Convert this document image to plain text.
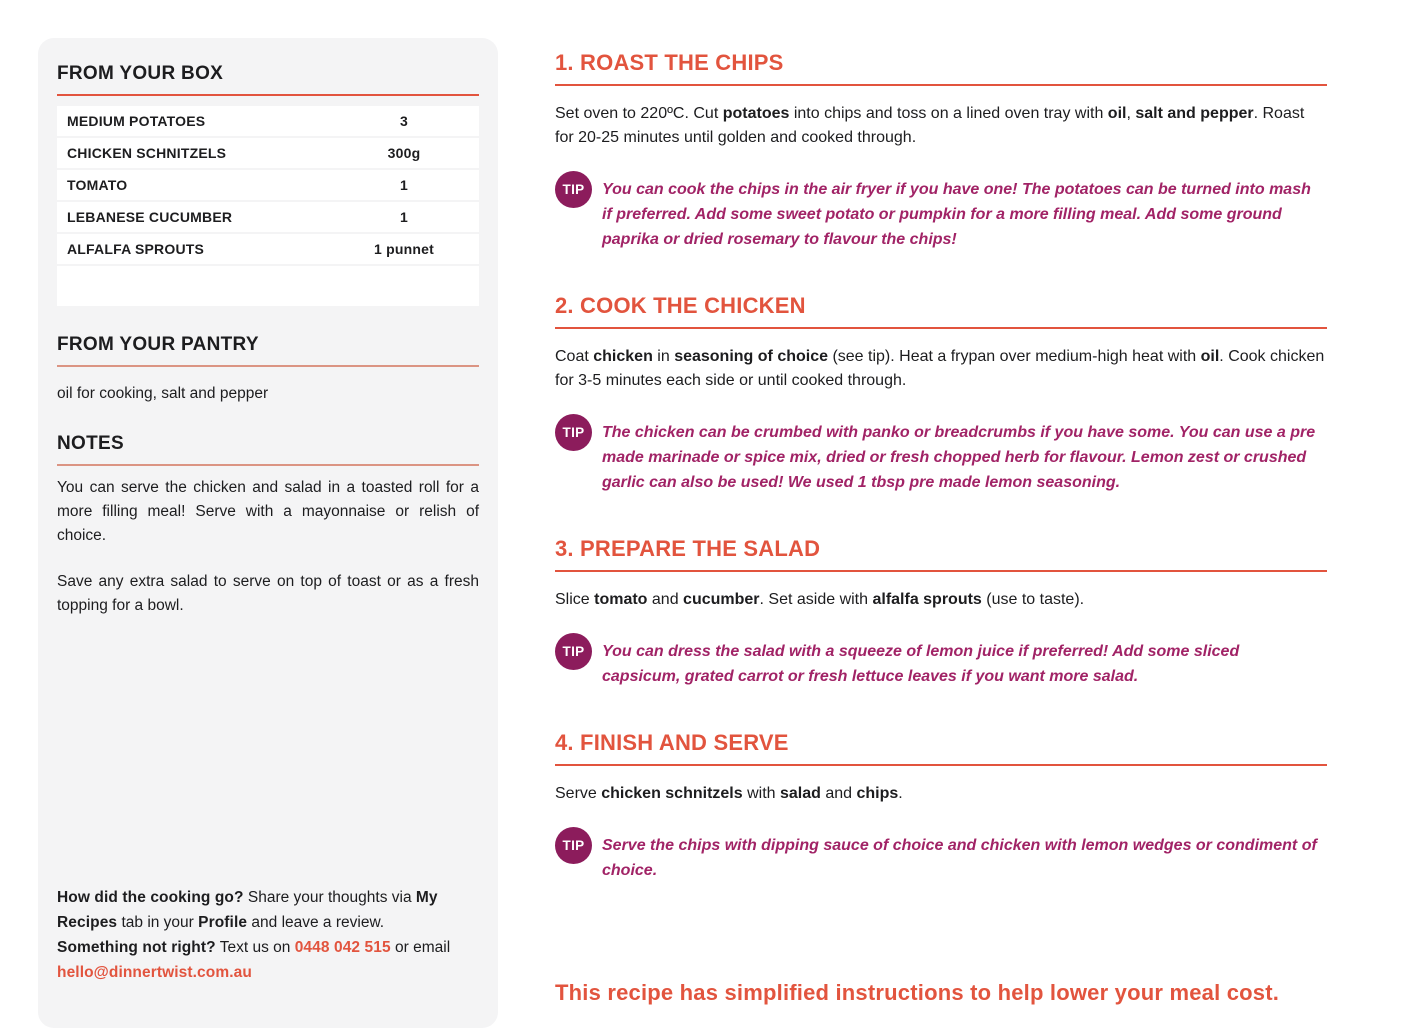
FROM YOUR BOX
MEDIUM POTATOES	3
CHICKEN SCHNITZELS	300g
TOMATO	1
LEBANESE CUCUMBER	1
ALFALFA SPROUTS	1 punnet
FROM YOUR PANTRY

oil for cooking, salt and pepper

NOTES

You can serve the chicken and salad in a toasted roll for a more filling meal! Serve with a mayonnaise or relish of choice.

Save any extra salad to serve on top of toast or as a fresh topping for a bowl.

How did the cooking go? Share your thoughts via My Recipes tab in your Profile and leave a review.
Something not right? Text us on 0448 042 515 or email hello@dinnertwist.com.au

1. ROAST THE CHIPS

Set oven to 220ºC. Cut potatoes into chips and toss on a lined oven tray with oil, salt and pepper. Roast for 20-25 minutes until golden and cooked through.

TIP	You can cook the chips in the air fryer if you have one! The potatoes can be turned into mash if preferred. Add some sweet potato or pumpkin for a more filling meal. Add some ground paprika or dried rosemary to flavour the chips!
2. COOK THE CHICKEN

Coat chicken in seasoning of choice (see tip). Heat a frypan over medium-high heat with oil. Cook chicken for 3-5 minutes each side or until cooked through.

TIP	The chicken can be crumbed with panko or breadcrumbs if you have some. You can use a pre made marinade or spice mix, dried or fresh chopped herb for flavour. Lemon zest or crushed garlic can also be used! We used 1 tbsp pre made lemon seasoning.
3. PREPARE THE SALAD

Slice tomato and cucumber. Set aside with alfalfa sprouts (use to taste).

TIP	You can dress the salad with a squeeze of lemon juice if preferred! Add some sliced capsicum, grated carrot or fresh lettuce leaves if you want more salad.
4. FINISH AND SERVE

Serve chicken schnitzels with salad and chips.

TIP	Serve the chips with dipping sauce of choice and chicken with lemon wedges or condiment of choice.

This recipe has simplified instructions to help lower your meal cost.
